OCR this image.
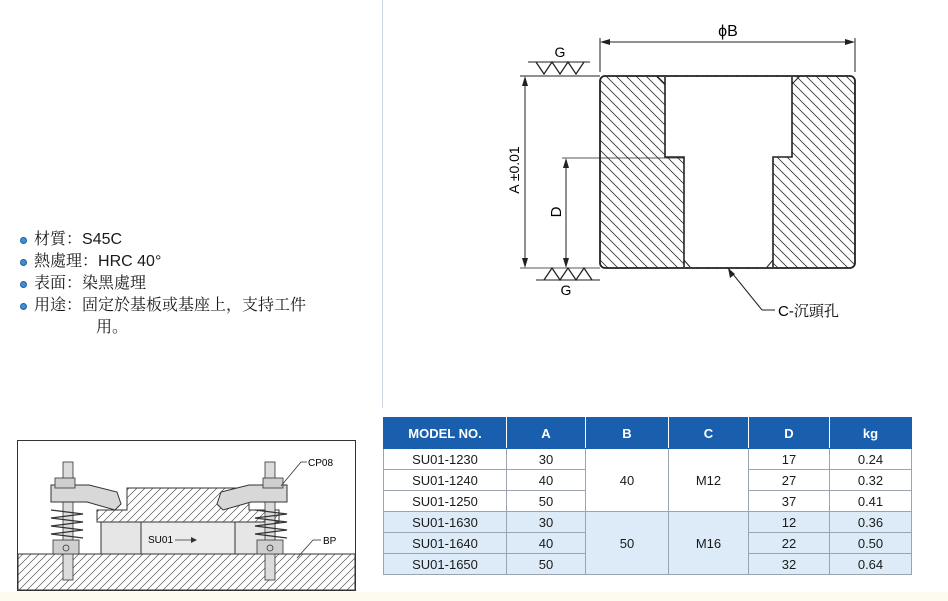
材質：S45C
熱處理：HRC 40°
表面：染黑處理
用途：固定於基板或基座上，支持工件
用。
ϕB
G
A ±0.01
D
G
C-沉頭孔
SU01
CP08
BP
MODEL NO.	A	B	C	D	kg
SU01-1230	30	40	M12	17	0.24
SU01-1240	40			27	0.32
SU01-1250	50			37	0.41
SU01-1630	30	50	M16	12	0.36
SU01-1640	40			22	0.50
SU01-1650	50			32	0.64
